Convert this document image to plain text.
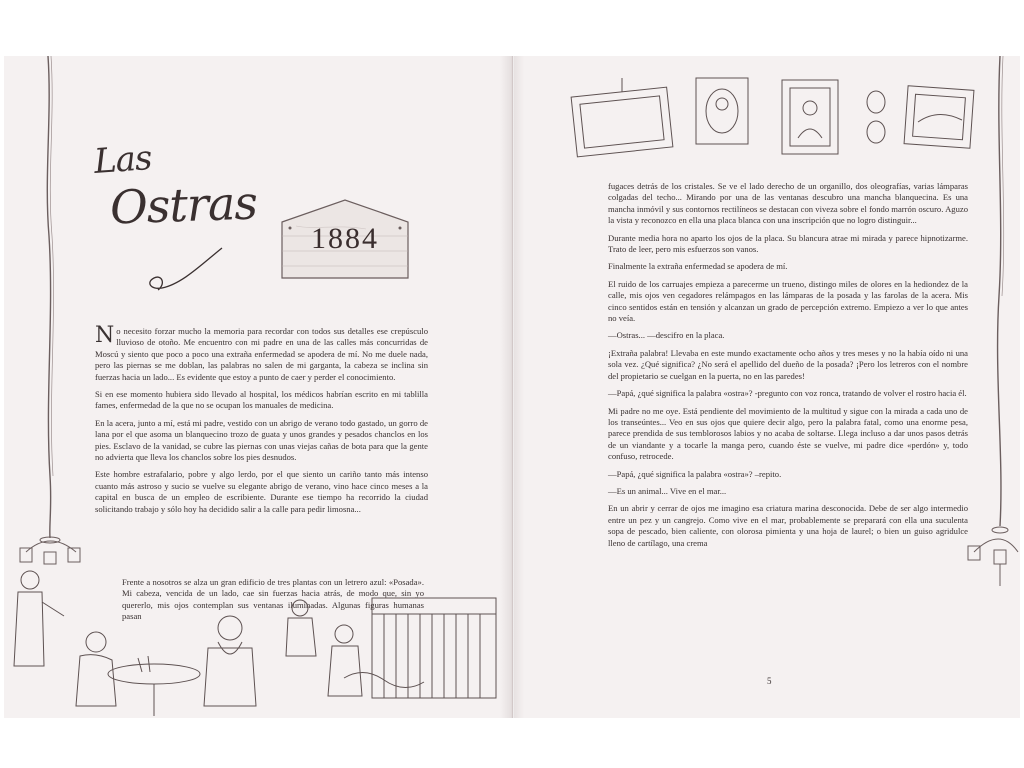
Las
Ostras
1884

No necesito forzar mucho la memoria para recordar con todos sus detalles ese crepúsculo lluvioso de otoño. Me encuentro con mi padre en una de las calles más concurridas de Moscú y siento que poco a poco una extraña enfermedad se apodera de mí. No me duele nada, pero las piernas se me doblan, las palabras no salen de mi garganta, la cabeza se inclina sin fuerzas hacia un lado... Es evidente que estoy a punto de caer y perder el conocimiento.

Si en ese momento hubiera sido llevado al hospital, los médicos habrían escrito en mi tablilla fames, enfermedad de la que no se ocupan los manuales de medicina.

En la acera, junto a mí, está mi padre, vestido con un abrigo de verano todo gastado, un gorro de lana por el que asoma un blanquecino trozo de guata y unos grandes y pesados chanclos en los pies. Esclavo de la vanidad, se cubre las piernas con unas viejas cañas de bota para que la gente no advierta que lleva los chanclos sobre los pies desnudos.

Este hombre estrafalario, pobre y algo lerdo, por el que siento un cariño tanto más intenso cuanto más astroso y sucio se vuelve su elegante abrigo de verano, vino hace cinco meses a la capital en busca de un empleo de escribiente. Durante ese tiempo ha recorrido la ciudad solicitando trabajo y sólo hoy ha decidido salir a la calle para pedir limosna...

Frente a nosotros se alza un gran edificio de tres plantas con un letrero azul: «Posada». Mi cabeza, vencida de un lado, cae sin fuerzas hacia atrás, de modo que, sin yo quererlo, mis ojos contemplan sus ventanas iluminadas. Algunas figuras humanas pasan

fugaces detrás de los cristales. Se ve el lado derecho de un organillo, dos oleografías, varias lámparas colgadas del techo... Mirando por una de las ventanas descubro una mancha blanquecina. Es una mancha inmóvil y sus contornos rectilíneos se destacan con viveza sobre el fondo marrón oscuro. Aguzo la vista y reconozco en ella una placa blanca con una inscripción que no logro distinguir...

Durante media hora no aparto los ojos de la placa. Su blancura atrae mi mirada y parece hipnotizarme. Trato de leer, pero mis esfuerzos son vanos.

Finalmente la extraña enfermedad se apodera de mí.

El ruido de los carruajes empieza a parecerme un trueno, distingo miles de olores en la hediondez de la calle, mis ojos ven cegadores relámpagos en las lámparas de la posada y las farolas de la acera. Mis cinco sentidos están en tensión y alcanzan un grado de percepción extremo. Empiezo a ver lo que antes no veía.

—Ostras... —descifro en la placa.

¡Extraña palabra! Llevaba en este mundo exactamente ocho años y tres meses y no la había oído ni una sola vez. ¿Qué significa? ¿No será el apellido del dueño de la posada? ¡Pero los letreros con el nombre del propietario se cuelgan en la puerta, no en las paredes!

—Papá, ¿qué significa la palabra «ostra»? -pregunto con voz ronca, tratando de volver el rostro hacia él.

Mi padre no me oye. Está pendiente del movimiento de la multitud y sigue con la mirada a cada uno de los transeúntes... Veo en sus ojos que quiere decir algo, pero la palabra fatal, como una enorme pesa, parece prendida de sus temblorosos labios y no acaba de soltarse. Llega incluso a dar unos pasos detrás de un viandante y a tocarle la manga pero, cuando éste se vuelve, mi padre dice «perdón» y, todo confuso, retrocede.

—Papá, ¿qué significa la palabra «ostra»? –repito.

—Es un animal... Vive en el mar...

En un abrir y cerrar de ojos me imagino esa criatura marina desconocida. Debe de ser algo intermedio entre un pez y un cangrejo. Como vive en el mar, probablemente se preparará con ella una suculenta sopa de pescado, bien caliente, con olorosa pimienta y una hoja de laurel; o bien un guiso agridulce lleno de cartílago, una crema

5
